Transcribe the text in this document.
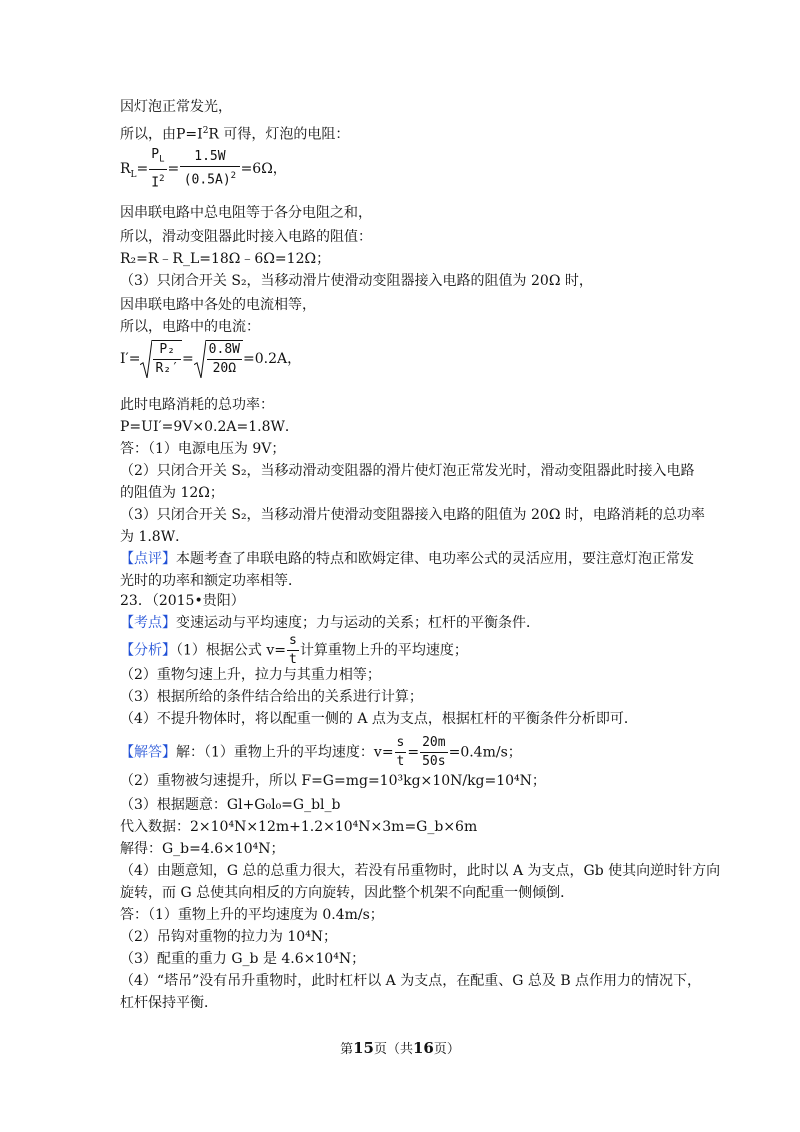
因灯泡正常发光，
所以，由$P=I^2R$ 可得，灯泡的电阻：
$R_L= \frac{P_L}{I^2} = \frac{1.5W}{(0.5A)^2} =6\Omega$，
因串联电路中总电阻等于各分电阻之和，
所以，滑动变阻器此时接入电路的阻值：
R₂=R﹣R_L=18Ω﹣6Ω=12Ω；
（3）只闭合开关 S₂，当移动滑片使滑动变阻器接入电路的阻值为 20Ω 时，
因串联电路中各处的电流相等，
所以，电路中的电流：
$I'= \frac{\text{P₂}}{\text{R₂′}} = \frac{0.8W}{20\Omega} =0.2A$，
此时电路消耗的总功率：
P=UI′=9V×0.2A=1.8W．
答：（1）电源电压为 9V；
（2）只闭合开关 S₂，当移动滑动变阻器的滑片使灯泡正常发光时，滑动变阻器此时接入电路
的阻值为 12Ω；
（3）只闭合开关 S₂，当移动滑片使滑动变阻器接入电路的阻值为 20Ω 时，电路消耗的总功率
为 1.8W．
【点评】本题考查了串联电路的特点和欧姆定律、电功率公式的灵活应用，要注意灯泡正常发
光时的功率和额定功率相等．
23．（2015•贵阳）
【考点】变速运动与平均速度；力与运动的关系；杠杆的平衡条件．
【分析】（1）根据公式 $v= \frac{s}{t}$ 计算重物上升的平均速度；
（2）重物匀速上升，拉力与其重力相等；
（3）根据所给的条件结合给出的关系进行计算；
（4）不提升物体时，将以配重一侧的 A 点为支点，根据杠杆的平衡条件分析即可．
【解答】解：（1）重物上升的平均速度：$v= \frac{s}{t} = \frac{20m}{50s} =0.4m/s$；
（2）重物被匀速提升，所以 F=G=mg=10³kg×10N/kg=10⁴N；
（3）根据题意：Gl+G₀l₀=G_bl_b
代入数据：2×10⁴N×12m+1.2×10⁴N×3m=G_b×6m
解得：G_b=4.6×10⁴N；
（4）由题意知，G 总的总重力很大，若没有吊重物时，此时以 A 为支点，Gb 使其向逆时针方向
旋转，而 G 总使其向相反的方向旋转，因此整个机架不向配重一侧倾倒．
答：（1）重物上升的平均速度为 0.4m/s；
（2）吊钩对重物的拉力为 10⁴N；
（3）配重的重力 G_b 是 4.6×10⁴N；
（4）“塔吊”没有吊升重物时，此时杠杆以 A 为支点，在配重、G 总及 B 点作用力的情况下，
杠杆保持平衡．
第15页（共16页）
